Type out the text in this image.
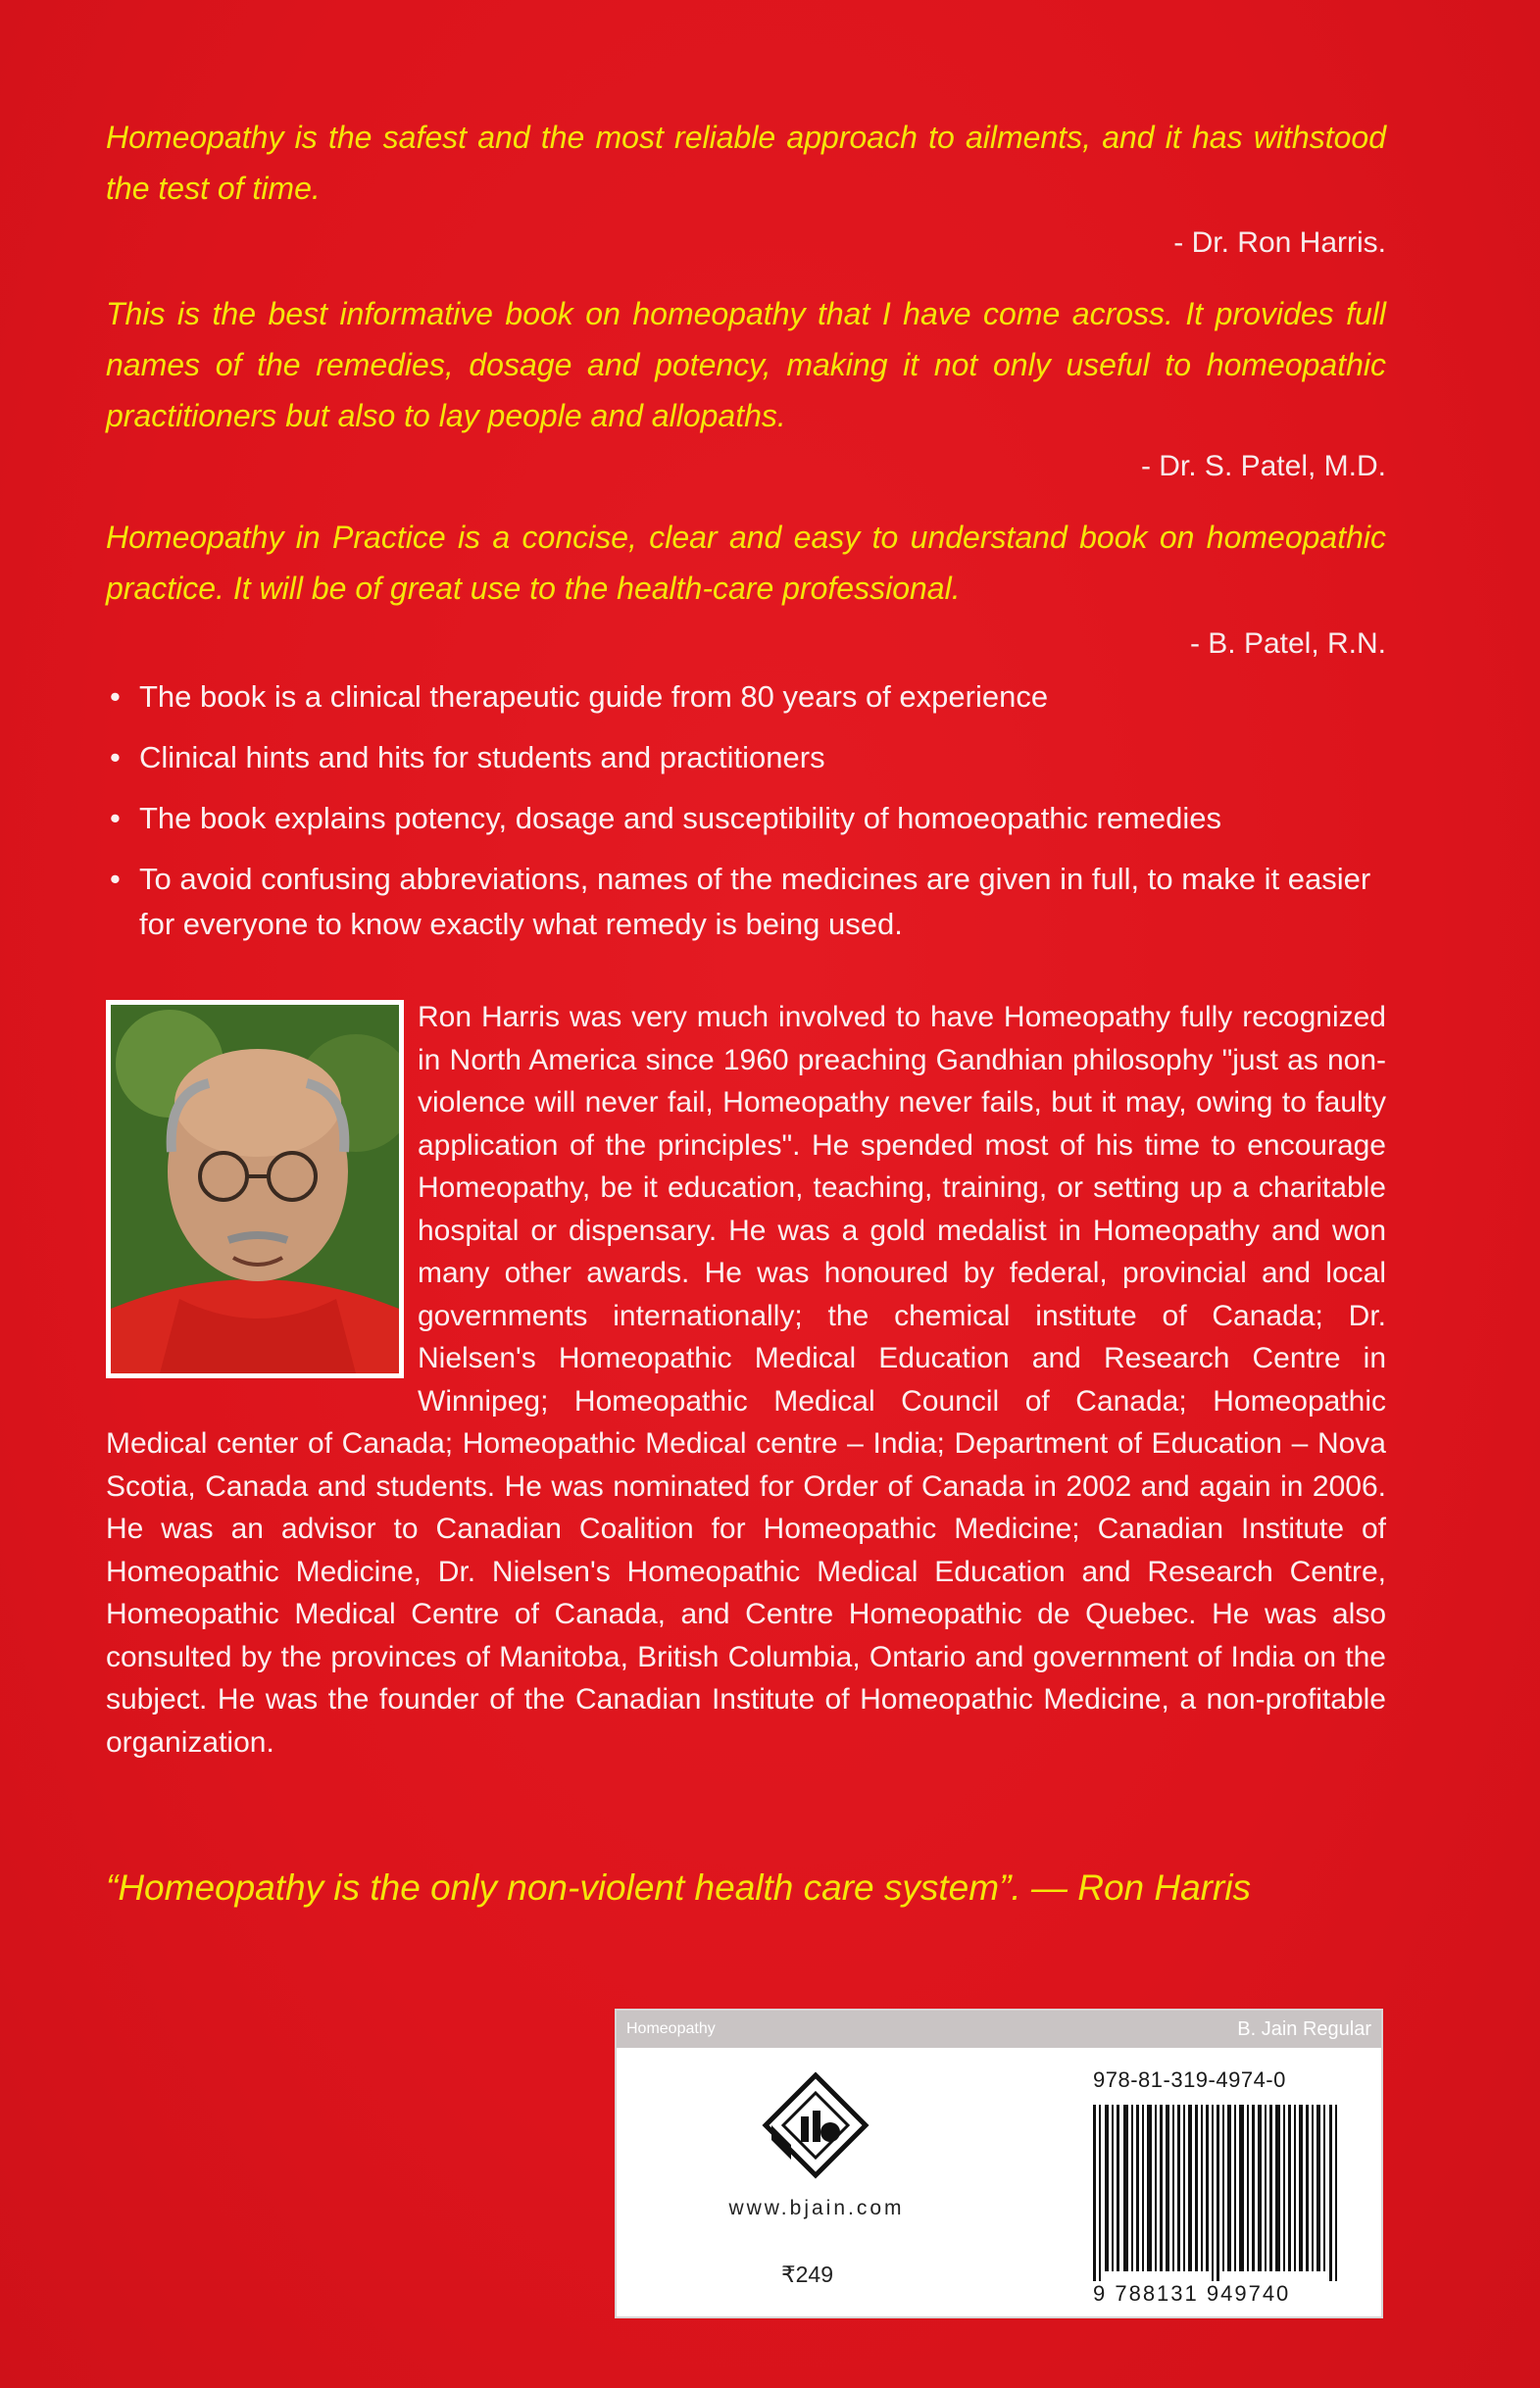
Homeopathy is the safest and the most reliable approach to ailments, and it has withstood the test of time.

- Dr. Ron Harris.

This is the best informative book on homeopathy that I have come across. It provides full names of the remedies, dosage and potency, making it not only useful to homeopathic practitioners but also to lay people and allopaths.

- Dr. S. Patel, M.D.

Homeopathy in Practice is a concise, clear and easy to understand book on homeopathic practice. It will be of great use to the health-care professional.

- B. Patel, R.N.
• The book is a clinical therapeutic guide from 80 years of experience
• Clinical hints and hits for students and practitioners
• The book explains potency, dosage and susceptibility of homoeopathic remedies
• To avoid confusing abbreviations, names of the medicines are given in full, to make it easier for everyone to know exactly what remedy is being used.
Ron Harris was very much involved to have Homeopathy fully recognized in North America since 1960 preaching Gandhian philosophy "just as non-violence will never fail, Homeopathy never fails, but it may, owing to faulty application of the principles". He spended most of his time to encourage Homeopathy, be it education, teaching, training, or setting up a charitable hospital or dispensary. He was a gold medalist in Homeopathy and won many other awards. He was honoured by federal, provincial and local governments internationally; the chemical institute of Canada; Dr. Nielsen's Homeopathic Medical Education and Research Centre in Winnipeg; Homeopathic Medical Council of Canada; Homeopathic Medical center of Canada; Homeopathic Medical centre – India; Department of Education – Nova Scotia, Canada and students. He was nominated for Order of Canada in 2002 and again in 2006. He was an advisor to Canadian Coalition for Homeopathic Medicine; Canadian Institute of Homeopathic Medicine, Dr. Nielsen's Homeopathic Medical Education and Research Centre, Homeopathic Medical Centre of Canada, and Centre Homeopathic de Quebec. He was also consulted by the provinces of Manitoba, British Columbia, Ontario and government of India on the subject. He was the founder of the Canadian Institute of Homeopathic Medicine, a non-profitable organization.
“Homeopathy is the only non-violent health care system”. — Ron Harris
Homeopathy	B. Jain Regular
www.bjain.com
₹249
978-81-319-4974-0
9 788131 949740
